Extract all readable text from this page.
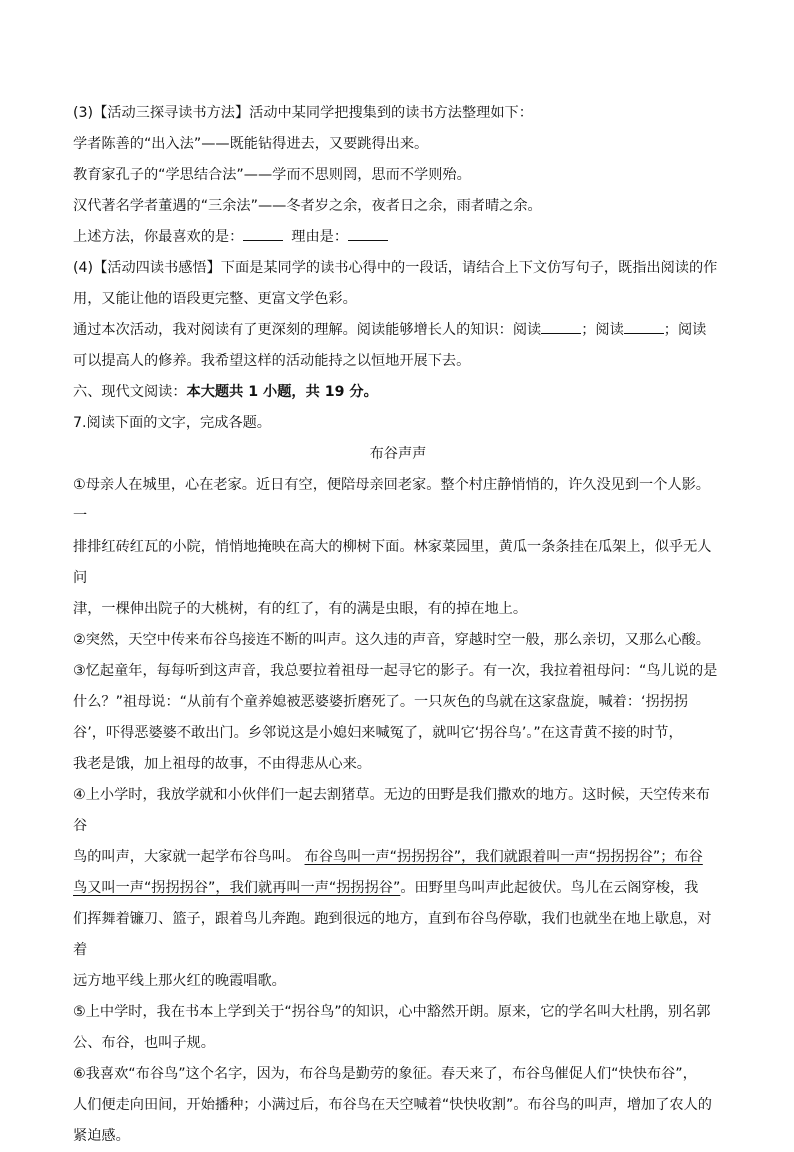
(3)【活动三探寻读书方法】活动中某同学把搜集到的读书方法整理如下：

学者陈善的“出入法”——既能钻得进去，又要跳得出来。

教育家孔子的“学思结合法”——学而不思则罔，思而不学则殆。

汉代著名学者董遇的“三余法”——冬者岁之余，夜者日之余，雨者晴之余。

上述方法，你最喜欢的是：	理由是：

(4)【活动四读书感悟】下面是某同学的读书心得中的一段话，请结合上下文仿写句子，既指出阅读的作

用，又能让他的语段更完整、更富文学色彩。

通过本次活动，我对阅读有了更深刻的理解。阅读能够增长人的知识：阅读	；阅读	；阅读

可以提高人的修养。我希望这样的活动能持之以恒地开展下去。

六、现代文阅读：本大题共 1 小题，共 19 分。

7.阅读下面的文字，完成各题。

布谷声声

①母亲人在城里，心在老家。近日有空，便陪母亲回老家。整个村庄静悄悄的，许久没见到一个人影。一

排排红砖红瓦的小院，悄悄地掩映在高大的柳树下面。林家菜园里，黄瓜一条条挂在瓜架上，似乎无人问

津，一棵伸出院子的大桃树，有的红了，有的满是虫眼，有的掉在地上。

②突然，天空中传来布谷鸟接连不断的叫声。这久违的声音，穿越时空一般，那么亲切，又那么心酸。

③忆起童年，每每听到这声音，我总要拉着祖母一起寻它的影子。有一次，我拉着祖母问：“鸟儿说的是

什么？”祖母说：“从前有个童养媳被恶婆婆折磨死了。一只灰色的鸟就在这家盘旋，喊着：‘拐拐拐

谷’，吓得恶婆婆不敢出门。乡邻说这是小媳妇来喊冤了，就叫它‘拐谷鸟’。”在这青黄不接的时节，

我老是饿，加上祖母的故事，不由得悲从心来。

④上小学时，我放学就和小伙伴们一起去割猪草。无边的田野是我们撒欢的地方。这时候，天空传来布谷

鸟的叫声，大家就一起学布谷鸟叫。 布谷鸟叫一声“拐拐拐谷”，我们就跟着叫一声“拐拐拐谷”；布谷

鸟又叫一声“拐拐拐谷”，我们就再叫一声“拐拐拐谷”。田野里鸟叫声此起彼伏。鸟儿在云阁穿梭，我

们挥舞着镰刀、篮子，跟着鸟儿奔跑。跑到很远的地方，直到布谷鸟停歇，我们也就坐在地上歇息，对着

远方地平线上那火红的晚霞唱歌。

⑤上中学时，我在书本上学到关于“拐谷鸟”的知识，心中豁然开朗。原来，它的学名叫大杜鹃，别名郭

公、布谷，也叫子规。

⑥我喜欢“布谷鸟”这个名字，因为，布谷鸟是勤劳的象征。春天来了，布谷鸟催促人们“快快布谷”，

人们便走向田间，开始播种；小满过后，布谷鸟在天空喊着“快快收割”。布谷鸟的叫声，增加了农人的

紧迫感。
